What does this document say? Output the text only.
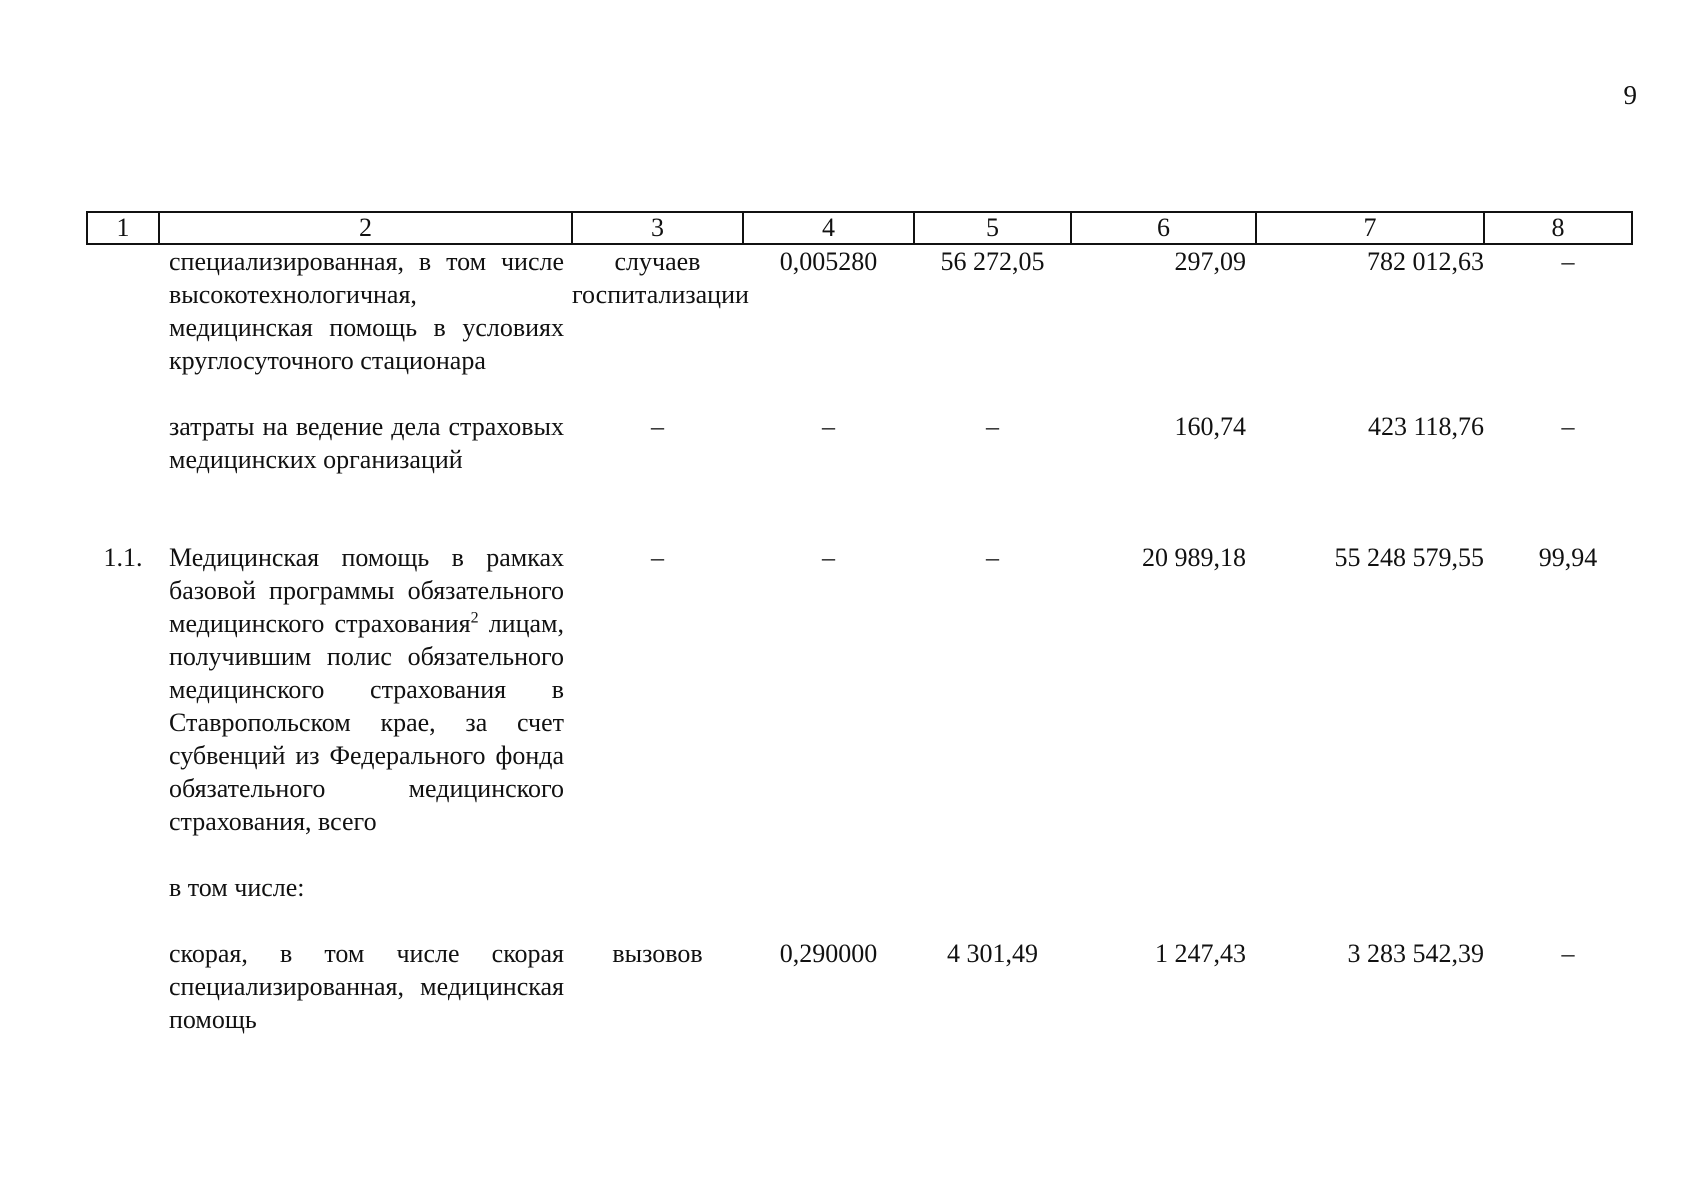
9
1	2	3	4	5	6	7	8
	специализированная, в том числе высокотехнологичная, медицинская помощь в условиях круглосуточного стационара	случаев госпитализации	0,005280	56 272,05	297,09	782 012,63	–
	затраты на ведение дела страховых медицинских организаций	–	–	–	160,74	423 118,76	–
1.1.	Медицинская помощь в рамках базовой программы обязательного медицинского страхования$^2$ лицам, получившим полис обязательного медицинского страхования в Ставропольском крае, за счет субвенций из Федерального фонда обязательного медицинского страхования, всего	–	–	–	20 989,18	55 248 579,55	99,94
	в том числе:						
	скорая, в том числе скорая специализированная, медицинская помощь	вызовов	0,290000	4 301,49	1 247,43	3 283 542,39	–
